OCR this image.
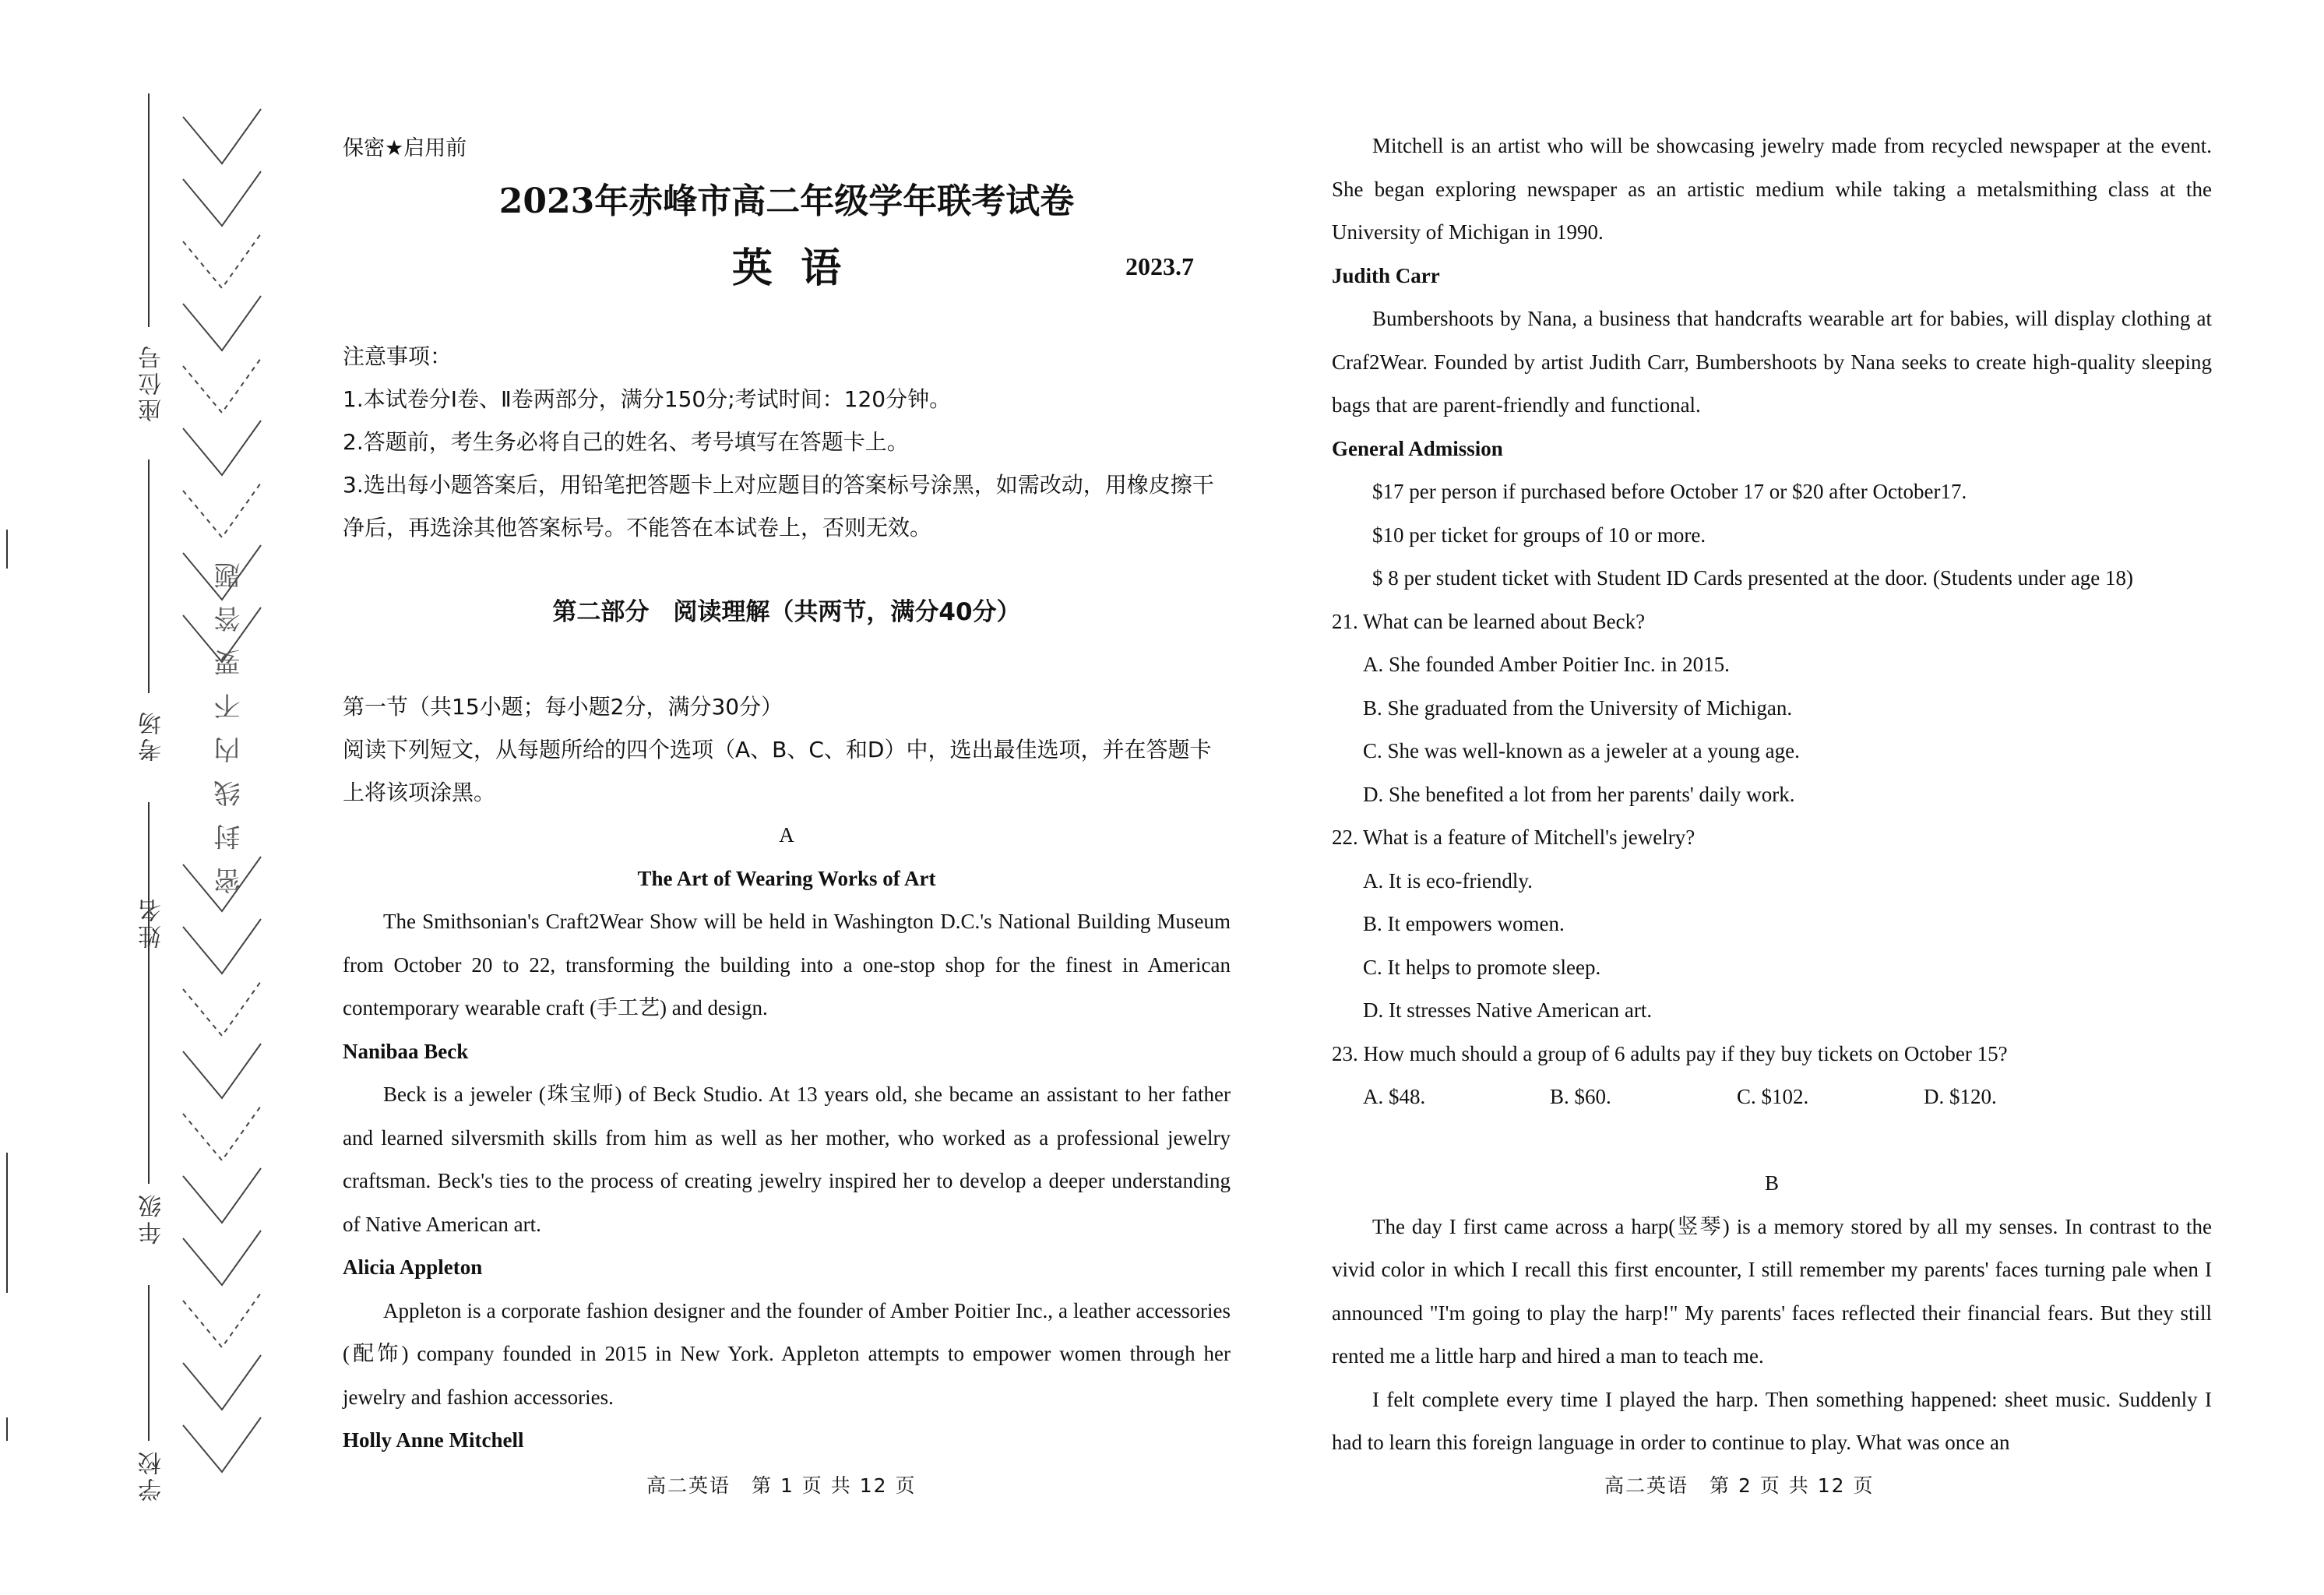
座位号
考场
姓名
年级
学校
密封线内不要答题
保密★启用前
2023年赤峰市高二年级学年联考试卷
英  语	2023.7

注意事项：

1.本试卷分Ⅰ卷、Ⅱ卷两部分，满分150分;考试时间：120分钟。

2.答题前，考生务必将自己的姓名、考号填写在答题卡上。

3.选出每小题答案后，用铅笔把答题卡上对应题目的答案标号涂黑，如需改动，用橡皮擦干净后，再选涂其他答案标号。不能答在本试卷上，否则无效。

第二部分　阅读理解（共两节，满分40分）

第一节（共15小题；每小题2分，满分30分）

阅读下列短文，从每题所给的四个选项（A、B、C、和D）中，选出最佳选项，并在答题卡上将该项涂黑。

A

The Art of Wearing Works of Art

The Smithsonian's Craft2Wear Show will be held in Washington D.C.'s National Building Museum from October 20 to 22, transforming the building into a one-stop shop for the finest in American contemporary wearable craft (手工艺) and design.

Nanibaa Beck

Beck is a jeweler (珠宝师) of Beck Studio. At 13 years old, she became an assistant to her father and learned silversmith skills from him as well as her mother, who worked as a professional jewelry craftsman. Beck's ties to the process of creating jewelry inspired her to develop a deeper understanding of Native American art.

Alicia Appleton

Appleton is a corporate fashion designer and the founder of Amber Poitier Inc., a leather accessories (配饰) company founded in 2015 in New York. Appleton attempts to empower women through her jewelry and fashion accessories.

Holly Anne Mitchell

高二英语　第 1 页 共 12 页

Mitchell is an artist who will be showcasing jewelry made from recycled newspaper at the event. She began exploring newspaper as an artistic medium while taking a metalsmithing class at the University of Michigan in 1990.

Judith Carr

Bumbershoots by Nana, a business that handcrafts wearable art for babies, will display clothing at Craf2Wear. Founded by artist Judith Carr, Bumbershoots by Nana seeks to create high-quality sleeping bags that are parent-friendly and functional.

General Admission

$17 per person if purchased before October 17 or $20 after October17.

$10 per ticket for groups of 10 or more.

$ 8 per student ticket with Student ID Cards presented at the door. (Students under age 18)

21. What can be learned about Beck?

A. She founded Amber Poitier Inc. in 2015.

B. She graduated from the University of Michigan.

C. She was well-known as a jeweler at a young age.

D. She benefited a lot from her parents' daily work.

22. What is a feature of Mitchell's jewelry?

A. It is eco-friendly.

B. It empowers women.

C. It helps to promote sleep.

D. It stresses Native American art.

23. How much should a group of 6 adults pay if they buy tickets on October 15?

A. $48.	B. $60.	C. $102.	D. $120.

B

The day I first came across a harp(竖琴) is a memory stored by all my senses. In contrast to the vivid color in which I recall this first encounter, I still remember my parents' faces turning pale when I announced "I'm going to play the harp!" My parents' faces reflected their financial fears. But they still rented me a little harp and hired a man to teach me.

I felt complete every time I played the harp. Then something happened: sheet music. Suddenly I had to learn this foreign language in order to continue to play. What was once an

高二英语　第 2 页 共 12 页
